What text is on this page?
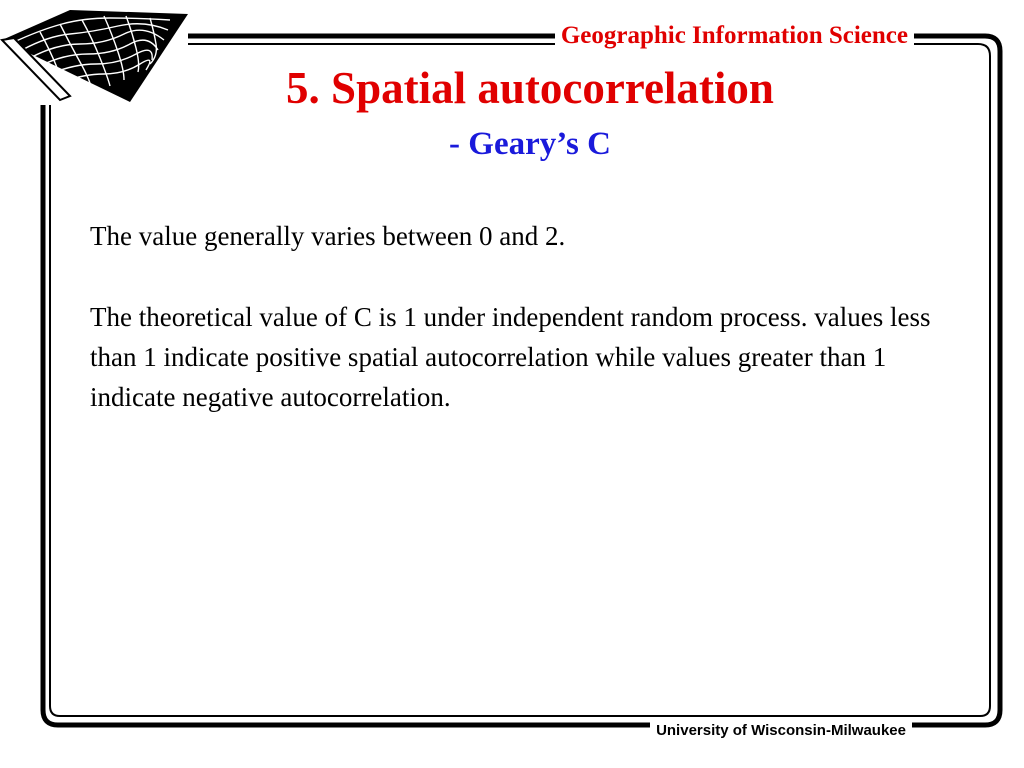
Geographic Information Science
5. Spatial autocorrelation
- Geary’s C

The value generally varies between 0 and 2.

The theoretical value of C is 1 under independent random process. values less than 1 indicate positive spatial autocorrelation while values greater than 1 indicate negative autocorrelation.

University of Wisconsin-Milwaukee
